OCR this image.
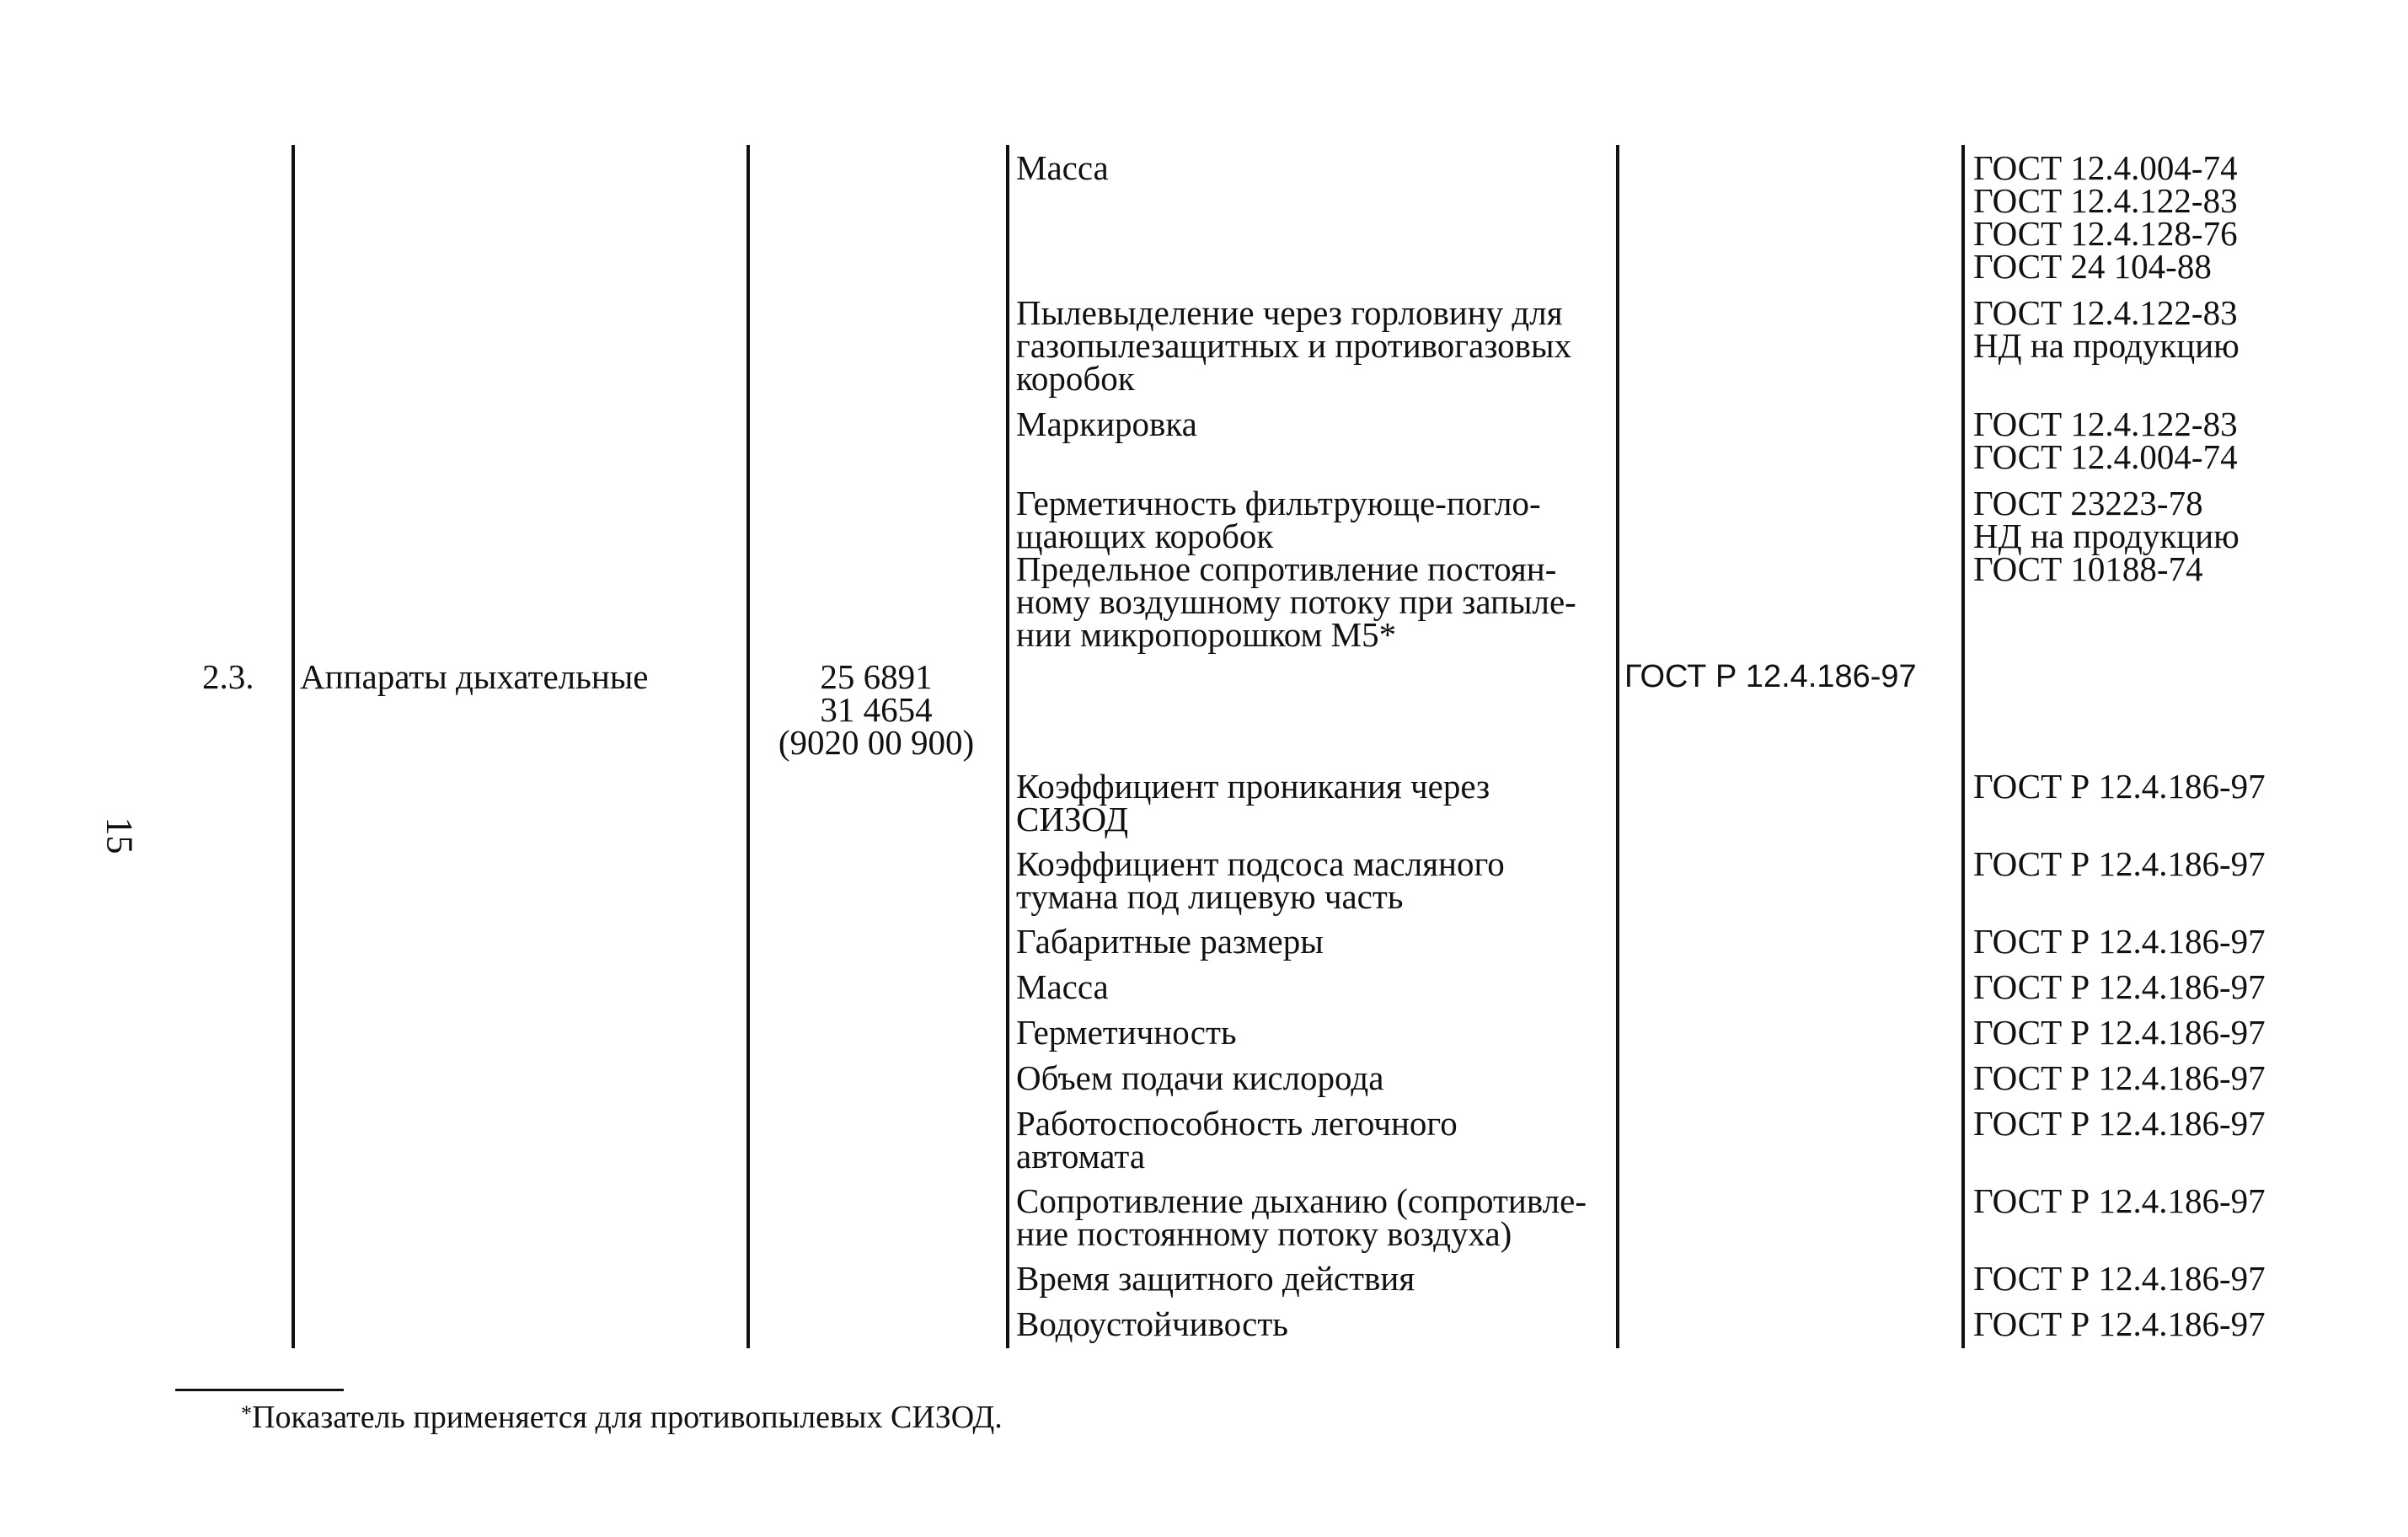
15
2.3. Аппараты дыхательные	25 6891
31 4654
(9020 00 900)
ГОСТ Р 12.4.186-97
Масса
Пылевыделение через горловину для
газопылезащитных и противогазовых
коробок
Маркировка
Герметичность фильтрующе-погло-
щающих коробок
Предельное сопротивление постоян-
ному воздушному потоку при запыле-
нии микропорошком М5*
Коэффициент проникания через
СИЗОД
Коэффициент подсоса масляного
тумана под лицевую часть
Габаритные размеры
Масса
Герметичность
Объем подачи кислорода
Работоспособность легочного
автомата
Сопротивление дыханию (сопротивле-
ние постоянному потоку воздуха)
Время защитного действия
Водоустойчивость
ГОСТ 12.4.004-74
ГОСТ 12.4.122-83
ГОСТ 12.4.128-76
ГОСТ 24 104-88
ГОСТ 12.4.122-83
НД на продукцию
ГОСТ 12.4.122-83
ГОСТ 12.4.004-74
ГОСТ 23223-78
НД на продукцию
ГОСТ 10188-74
ГОСТ Р 12.4.186-97
ГОСТ Р 12.4.186-97
ГОСТ Р 12.4.186-97
ГОСТ Р 12.4.186-97
ГОСТ Р 12.4.186-97
ГОСТ Р 12.4.186-97
ГОСТ Р 12.4.186-97
ГОСТ Р 12.4.186-97
ГОСТ Р 12.4.186-97
ГОСТ Р 12.4.186-97
*Показатель применяется для противопылевых СИЗОД.
